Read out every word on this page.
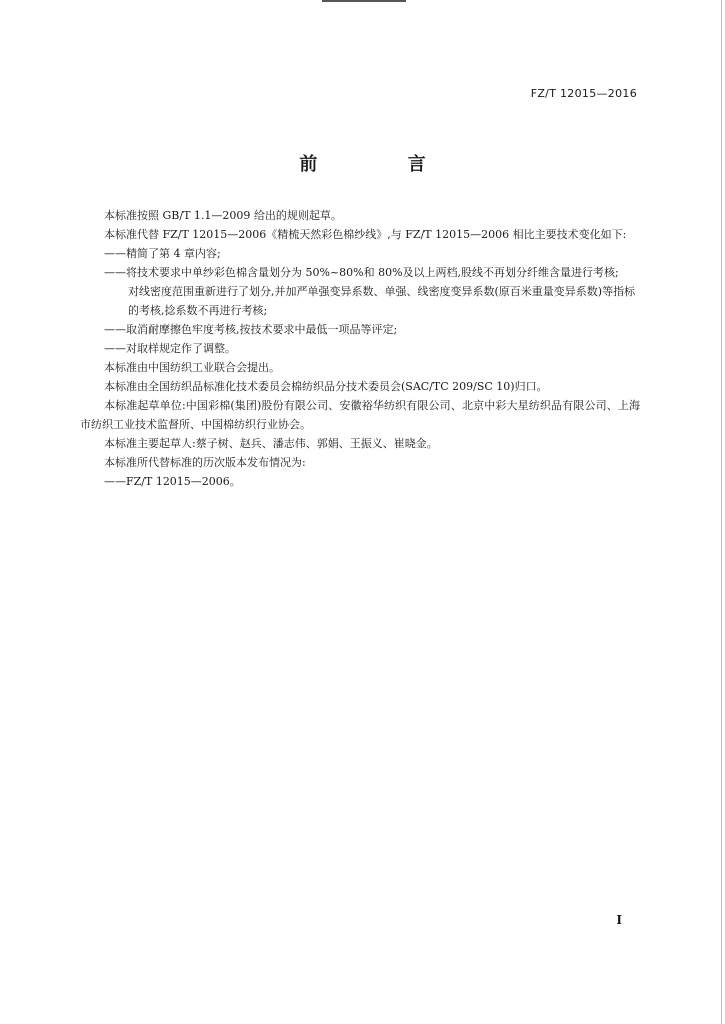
FZ/T 12015—2016
前 言

本标准按照 GB/T 1.1—2009 给出的规则起草。

本标准代替 FZ/T 12015—2006《精梳天然彩色棉纱线》,与 FZ/T 12015—2006 相比主要技术变化如下:

——精简了第 4 章内容;

——将技术要求中单纱彩色棉含量划分为 50%~80%和 80%及以上两档,股线不再划分纤维含量进行考核;

对线密度范围重新进行了划分,并加严单强变异系数、单强、线密度变异系数(原百米重量变异系数)等指标的考核,捻系数不再进行考核;

——取消耐摩擦色牢度考核,按技术要求中最低一项品等评定;

——对取样规定作了调整。

本标准由中国纺织工业联合会提出。

本标准由全国纺织品标准化技术委员会棉纺织品分技术委员会(SAC/TC 209/SC 10)归口。

本标准起草单位:中国彩棉(集团)股份有限公司、安徽裕华纺织有限公司、北京中彩大星纺织品有限公司、上海市纺织工业技术监督所、中国棉纺织行业协会。

本标准主要起草人:蔡子树、赵兵、潘志伟、郭娟、王振义、崔晓金。

本标准所代替标准的历次版本发布情况为:

——FZ/T 12015—2006。

I
